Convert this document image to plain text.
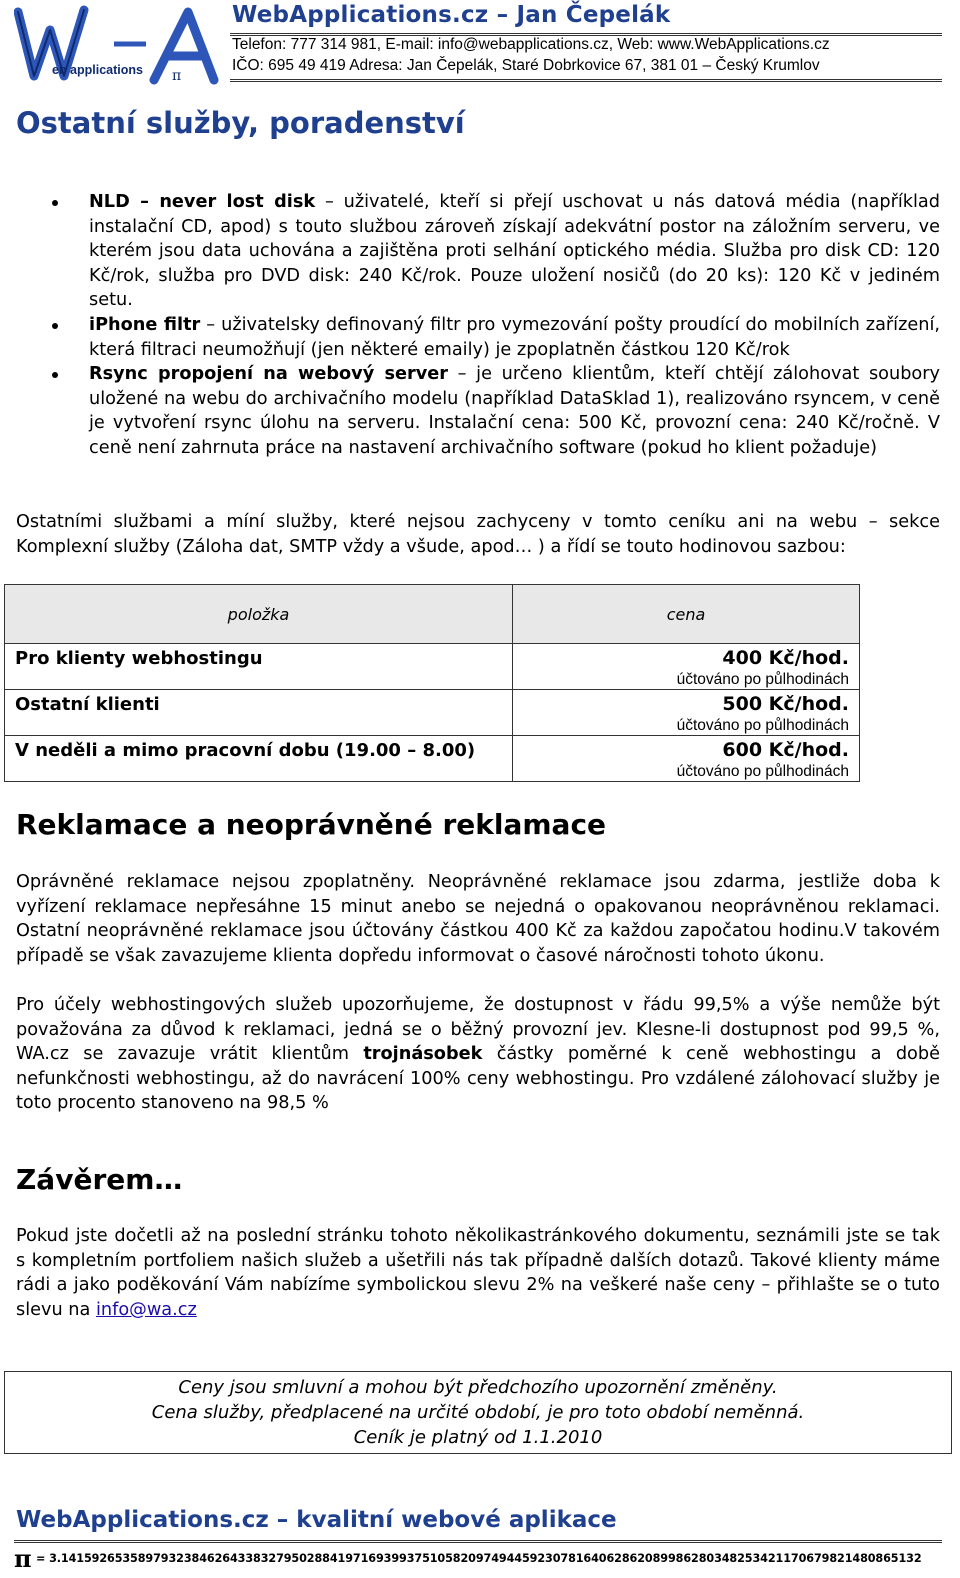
eb applications π
WebApplications.cz – Jan Čepelák
Telefon: 777 314 981, E-mail: info@webapplications.cz, Web: www.WebApplications.cz
IČO: 695 49 419 Adresa: Jan Čepelák, Staré Dobrkovice 67, 381 01 – Český Krumlov
Ostatní služby, poradenství
NLD – never lost disk – uživatelé, kteří si přejí uschovat u nás datová média (například instalační CD, apod) s touto službou zároveň získají adekvátní postor na záložním serveru, ve kterém jsou data uchována a zajištěna proti selhání optického média. Služba pro disk CD: 120 Kč/rok, služba pro DVD disk: 240 Kč/rok. Pouze uložení nosičů (do 20 ks): 120 Kč v jediném setu.
iPhone filtr – uživatelsky definovaný filtr pro vymezování pošty proudící do mobilních zařízení, která filtraci neumožňují (jen některé emaily) je zpoplatněn částkou 120 Kč/rok
Rsync propojení na webový server – je určeno klientům, kteří chtějí zálohovat soubory uložené na webu do archivačního modelu (například DataSklad 1), realizováno rsyncem, v ceně je vytvoření rsync úlohu na serveru. Instalační cena: 500 Kč, provozní cena: 240 Kč/ročně. V ceně není zahrnuta práce na nastavení archivačního software (pokud ho klient požaduje)
Ostatními službami a míní služby, které nejsou zachyceny v tomto ceníku ani na webu – sekce Komplexní služby (Záloha dat, SMTP vždy a všude, apod… ) a řídí se touto hodinovou sazbou:
položka	cena
Pro klienty webhostingu	400 Kč/hod.
účtováno po půlhodinách

Ostatní klienti	500 Kč/hod.
účtováno po půlhodinách

V neděli a mimo pracovní dobu (19.00 – 8.00)	600 Kč/hod.
účtováno po půlhodinách
Reklamace a neoprávněné reklamace
Oprávněné reklamace nejsou zpoplatněny. Neoprávněné reklamace jsou zdarma, jestliže doba k vyřízení reklamace nepřesáhne 15 minut anebo se nejedná o opakovanou neoprávněnou reklamaci. Ostatní neoprávněné reklamace jsou účtovány částkou 400 Kč za každou započatou hodinu.V takovém případě se však zavazujeme klienta dopředu informovat o časové náročnosti tohoto úkonu.
Pro účely webhostingových služeb upozorňujeme, že dostupnost v řádu 99,5% a výše nemůže být považována za důvod k reklamaci, jedná se o běžný provozní jev. Klesne-li dostupnost pod 99,5 %, WA.cz se zavazuje vrátit klientům trojnásobek částky poměrné k ceně webhostingu a době nefunkčnosti webhostingu, až do navrácení 100% ceny webhostingu. Pro vzdálené zálohovací služby je toto procento stanoveno na 98,5 %
Závěrem…
Pokud jste dočetli až na poslední stránku tohoto několikastránkového dokumentu, seznámili jste se tak s kompletním portfoliem našich služeb a ušetřili nás tak případně dalších dotazů. Takové klienty máme rádi a jako poděkování Vám nabízíme symbolickou slevu 2% na veškeré naše ceny – přihlašte se o tuto slevu na info@wa.cz
Ceny jsou smluvní a mohou být předchozího upozornění změněny.
Cena služby, předplacené na určité období, je pro toto období neměnná.
Ceník je platný od 1.1.2010
WebApplications.cz – kvalitní webové aplikace
π = 3.1415926535897932384626433832795028841971693993751058209749445923078164062862089986280348253421170679821480865132
